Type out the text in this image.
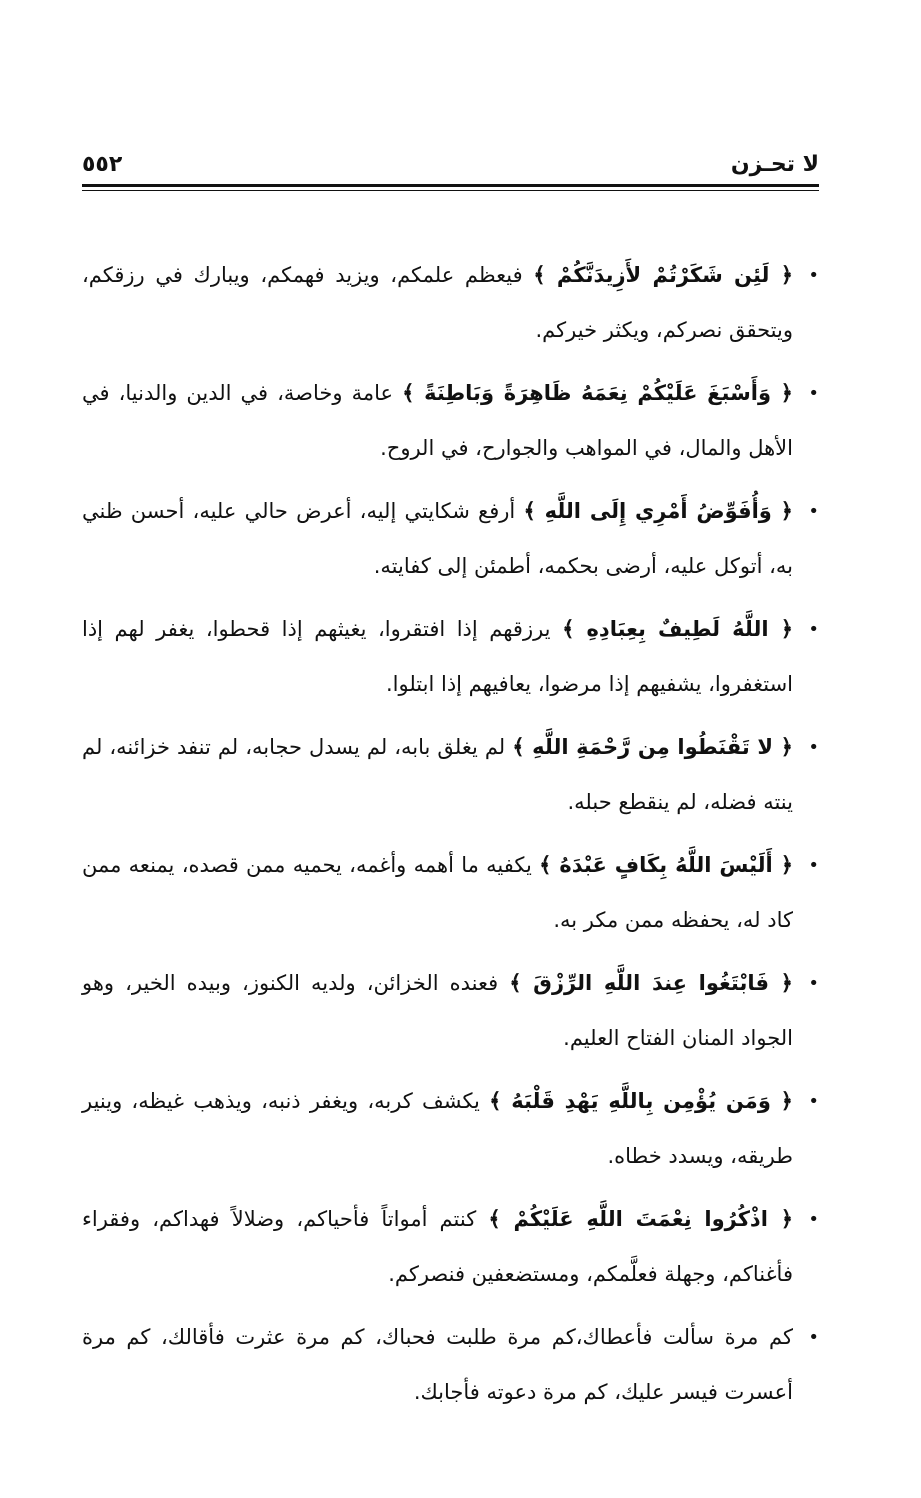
٥٥٢	لا تحـزن
•
﴿ لَئِن شَكَرْتُمْ لأَزِيدَنَّكُمْ ﴾ فيعظم علمكم، ويزيد فهمكم، ويبارك في رزقكم، ويتحقق نصركم، ويكثر خيركم.
•
﴿ وَأَسْبَغَ عَلَيْكُمْ نِعَمَهُ ظَاهِرَةً وَبَاطِنَةً ﴾ عامة وخاصة، في الدين والدنيا، في الأهل والمال، في المواهب والجوارح، في الروح.
•
﴿ وَأُفَوِّضُ أَمْرِي إِلَى اللَّهِ ﴾ أرفع شكايتي إليه، أعرض حالي عليه، أحسن ظني به، أتوكل عليه، أرضى بحكمه، أطمئن إلى كفايته.
•
﴿ اللَّهُ لَطِيفٌ بِعِبَادِهِ ﴾ يرزقهم إذا افتقروا، يغيثهم إذا قحطوا، يغفر لهم إذا استغفروا، يشفيهم إذا مرضوا، يعافيهم إذا ابتلوا.
•
﴿ لا تَقْنَطُوا مِن رَّحْمَةِ اللَّهِ ﴾ لم يغلق بابه، لم يسدل حجابه، لم تنفد خزائنه، لم ينته فضله، لم ينقطع حبله.
•
﴿ أَلَيْسَ اللَّهُ بِكَافٍ عَبْدَهُ ﴾ يكفيه ما أهمه وأغمه، يحميه ممن قصده، يمنعه ممن كاد له، يحفظه ممن مكر به.
•
﴿ فَابْتَغُوا عِندَ اللَّهِ الرِّزْقَ ﴾ فعنده الخزائن، ولديه الكنوز، وبيده الخير، وهو الجواد المنان الفتاح العليم.
•
﴿ وَمَن يُؤْمِن بِاللَّهِ يَهْدِ قَلْبَهُ ﴾ يكشف كربه، ويغفر ذنبه، ويذهب غيظه، وينير طريقه، ويسدد خطاه.
•
﴿ اذْكُرُوا نِعْمَتَ اللَّهِ عَلَيْكُمْ ﴾ كنتم أمواتاً فأحياكم، وضلالاً فهداكم، وفقراء فأغناكم، وجهلة فعلَّمكم، ومستضعفين فنصركم.
•
كم مرة سألت فأعطاك،كم مرة طلبت فحباك، كم مرة عثرت فأقالك، كم مرة أعسرت فيسر عليك، كم مرة دعوته فأجابك.
